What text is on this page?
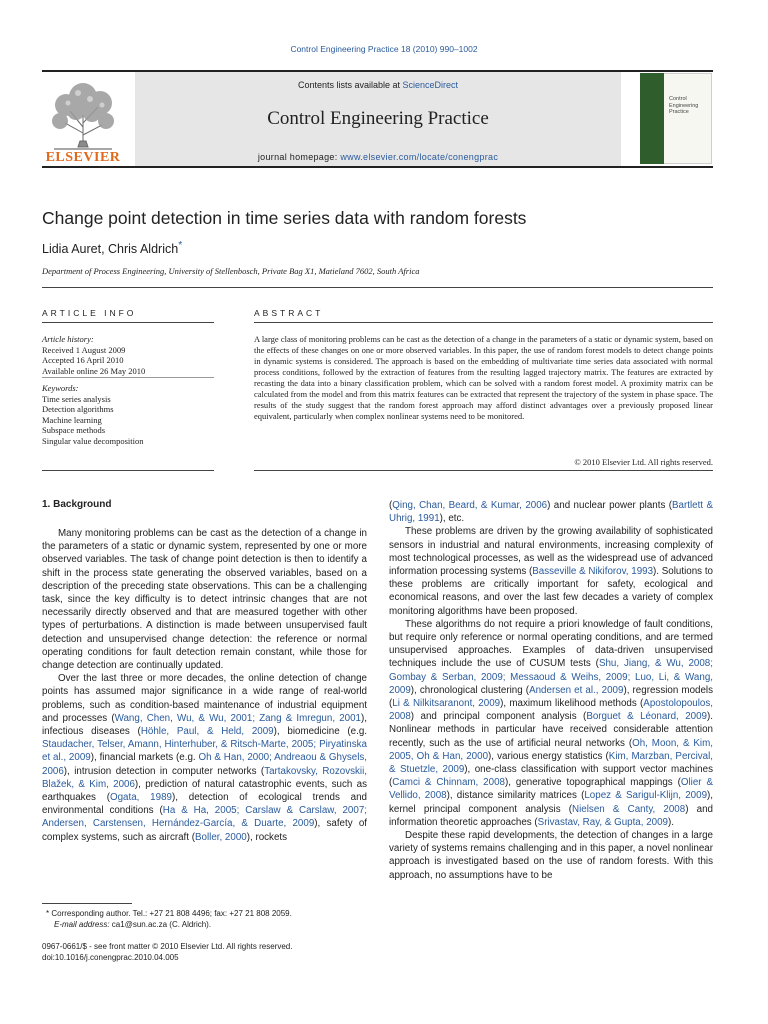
Control Engineering Practice 18 (2010) 990–1002
ELSEVIER
Contents lists available at ScienceDirect
Control Engineering Practice
journal homepage: www.elsevier.com/locate/conengprac
Control Engineering Practice
Change point detection in time series data with random forests
Lidia Auret, Chris Aldrich*
Department of Process Engineering, University of Stellenbosch, Private Bag X1, Matieland 7602, South Africa
ARTICLE INFO	ABSTRACT
Article history:
Received 1 August 2009
Accepted 16 April 2010
Available online 26 May 2010
Keywords:
Time series analysis
Detection algorithms
Machine learning
Subspace methods
Singular value decomposition
A large class of monitoring problems can be cast as the detection of a change in the parameters of a static or dynamic system, based on the effects of these changes on one or more observed variables. In this paper, the use of random forest models to detect change points in dynamic systems is considered. The approach is based on the embedding of multivariate time series data associated with normal process conditions, followed by the extraction of features from the resulting lagged trajectory matrix. The features are extracted by recasting the data into a binary classification problem, which can be solved with a random forest model. A proximity matrix can be calculated from the model and from this matrix features can be extracted that represent the trajectory of the system in phase space. The results of the study suggest that the random forest approach may afford distinct advantages over a previously proposed linear equivalent, particularly when complex nonlinear systems need to be monitored.
© 2010 Elsevier Ltd. All rights reserved.
1. Background

Many monitoring problems can be cast as the detection of a change in the parameters of a static or dynamic system, represented by one or more observed variables. The task of change point detection is then to identify a shift in the process state generating the observed variables, based on a description of the preceding state observations. This can be a challenging task, since the key difficulty is to detect intrinsic changes that are not necessarily directly observed and that are measured together with other types of perturbations. A distinction is made between unsupervised fault detection and unsupervised change detection: the reference or normal operating conditions for fault detection remain constant, while those for change detection are continually updated.

Over the last three or more decades, the online detection of change points has assumed major significance in a wide range of real-world problems, such as condition-based maintenance of industrial equipment and processes (Wang, Chen, Wu, & Wu, 2001; Zang & Imregun, 2001), infectious diseases (Höhle, Paul, & Held, 2009), biomedicine (e.g. Staudacher, Telser, Amann, Hinterhuber, & Ritsch-Marte, 2005; Piryatinska et al., 2009), financial markets (e.g. Oh & Han, 2000; Andreaou & Ghysels, 2006), intrusion detection in computer networks (Tartakovsky, Rozovskii, Blažek, & Kim, 2006), prediction of natural catastrophic events, such as earthquakes (Ogata, 1989), detection of ecological trends and environmental conditions (Ha & Ha, 2005; Carslaw & Carslaw, 2007; Andersen, Carstensen, Hernández-García, & Duarte, 2009), safety of complex systems, such as aircraft (Boller, 2000), rockets

(Qing, Chan, Beard, & Kumar, 2006) and nuclear power plants (Bartlett & Uhrig, 1991), etc.

These problems are driven by the growing availability of sophisticated sensors in industrial and natural environments, increasing complexity of most technological processes, as well as the widespread use of advanced information processing systems (Basseville & Nikiforov, 1993). Solutions to these problems are critically important for safety, ecological and economical reasons, and over the last few decades a variety of complex monitoring algorithms have been proposed.

These algorithms do not require a priori knowledge of fault conditions, but require only reference or normal operating conditions, and are termed unsupervised approaches. Examples of data-driven unsupervised techniques include the use of CUSUM tests (Shu, Jiang, & Wu, 2008; Gombay & Serban, 2009; Messaoud & Weihs, 2009; Luo, Li, & Wang, 2009), chronological clustering (Andersen et al., 2009), regression models (Li & Nilkitsaranont, 2009), maximum likelihood methods (Apostolopoulos, 2008) and principal component analysis (Borguet & Léonard, 2009). Nonlinear methods in particular have received considerable attention recently, such as the use of artificial neural networks (Oh, Moon, & Kim, 2005, Oh & Han, 2000), various energy statistics (Kim, Marzban, Percival, & Stuetzle, 2009), one-class classification with support vector machines (Camci & Chinnam, 2008), generative topographical mappings (Olier & Vellido, 2008), distance similarity matrices (Lopez & Sarigul-Klijn, 2009), kernel principal component analysis (Nielsen & Canty, 2008) and information theoretic approaches (Srivastav, Ray, & Gupta, 2009).

Despite these rapid developments, the detection of changes in a large variety of systems remains challenging and in this paper, a novel nonlinear approach is investigated based on the use of random forests. With this approach, no assumptions have to be

* Corresponding author. Tel.: +27 21 808 4496; fax: +27 21 808 2059.
E-mail address: ca1@sun.ac.za (C. Aldrich).
0967-0661/$ - see front matter © 2010 Elsevier Ltd. All rights reserved.
doi:10.1016/j.conengprac.2010.04.005
